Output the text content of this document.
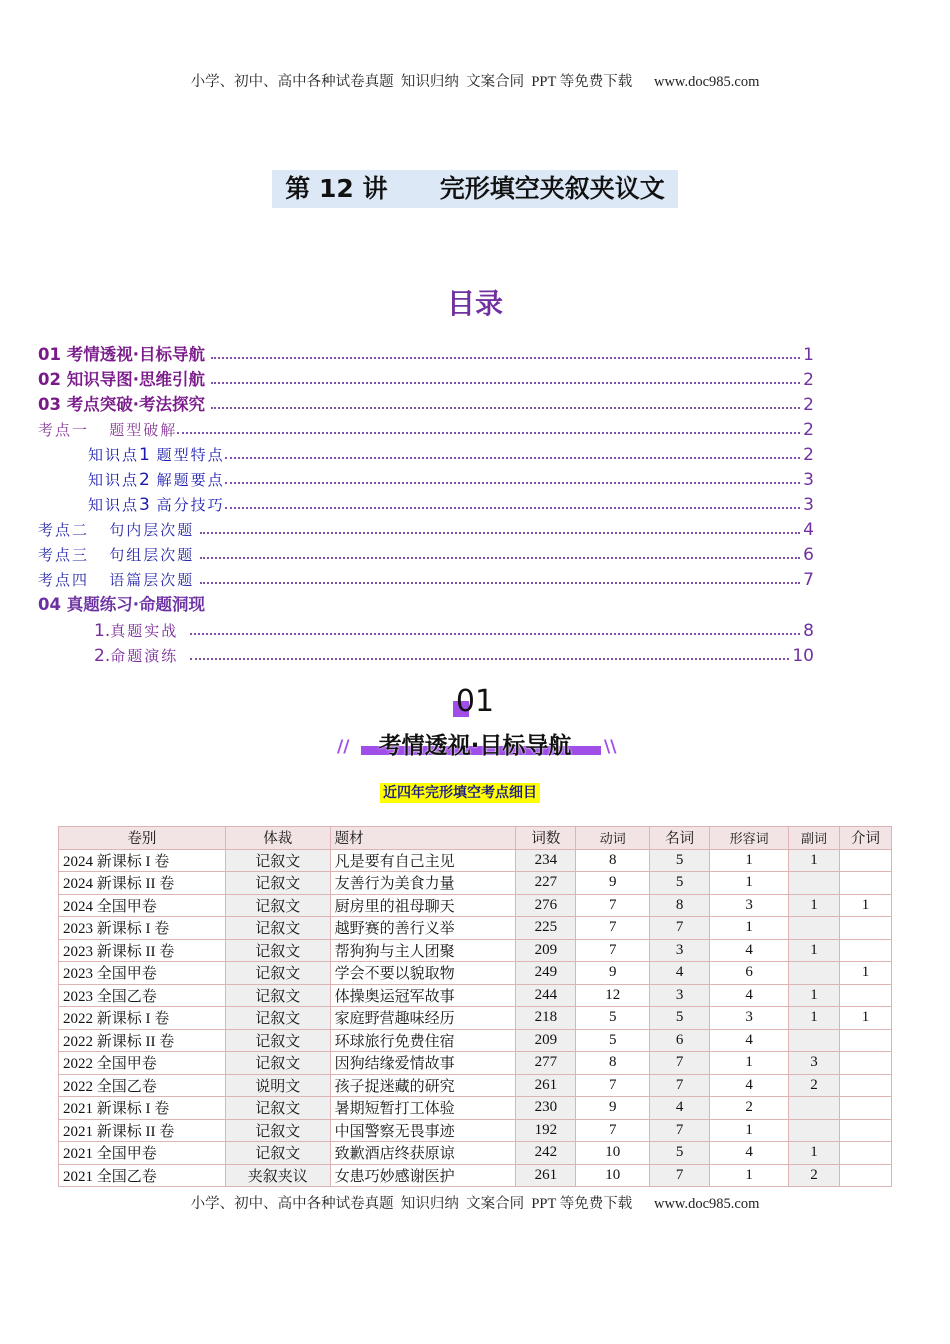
小学、初中、高中各种试卷真题  知识归纳  文案合同  PPT 等免费下载      www.doc985.com
第 12 讲      完形填空夹叙夹议文
目录
01 考情透视·目标导航	1
02 知识导图·思维引航	2
03 考点突破·考法探究	2
考点一   题型破解	2
知识点1 题型特点	2
知识点2 解题要点	3
知识点3 高分技巧	3
考点二   句内层次题	4
考点三   句组层次题	6
考点四   语篇层次题	7
04 真题练习·命题洞现
1.真题实战	8
2.命题演练	10
01
//	\\
考情透视·目标导航
近四年完形填空考点细目
卷别	体裁	题材	词数	动词	名词	形容词	副词	介词
2024 新课标 I 卷	记叙文	凡是要有自己主见	234	8	5	1	1	
2024 新课标 II 卷	记叙文	友善行为美食力量	227	9	5	1		
2024 全国甲卷	记叙文	厨房里的祖母聊天	276	7	8	3	1	1
2023 新课标 I 卷	记叙文	越野赛的善行义举	225	7	7	1		
2023 新课标 II 卷	记叙文	帮狗狗与主人团聚	209	7	3	4	1	
2023 全国甲卷	记叙文	学会不要以貌取物	249	9	4	6		1
2023 全国乙卷	记叙文	体操奥运冠军故事	244	12	3	4	1	
2022 新课标 I 卷	记叙文	家庭野营趣味经历	218	5	5	3	1	1
2022 新课标 II 卷	记叙文	环球旅行免费住宿	209	5	6	4		
2022 全国甲卷	记叙文	因狗结缘爱情故事	277	8	7	1	3	
2022 全国乙卷	说明文	孩子捉迷藏的研究	261	7	7	4	2	
2021 新课标 I 卷	记叙文	暑期短暂打工体验	230	9	4	2		
2021 新课标 II 卷	记叙文	中国警察无畏事迹	192	7	7	1		
2021 全国甲卷	记叙文	致歉酒店终获原谅	242	10	5	4	1	
2021 全国乙卷	夹叙夹议	女患巧妙感谢医护	261	10	7	1	2	
小学、初中、高中各种试卷真题  知识归纳  文案合同  PPT 等免费下载      www.doc985.com
